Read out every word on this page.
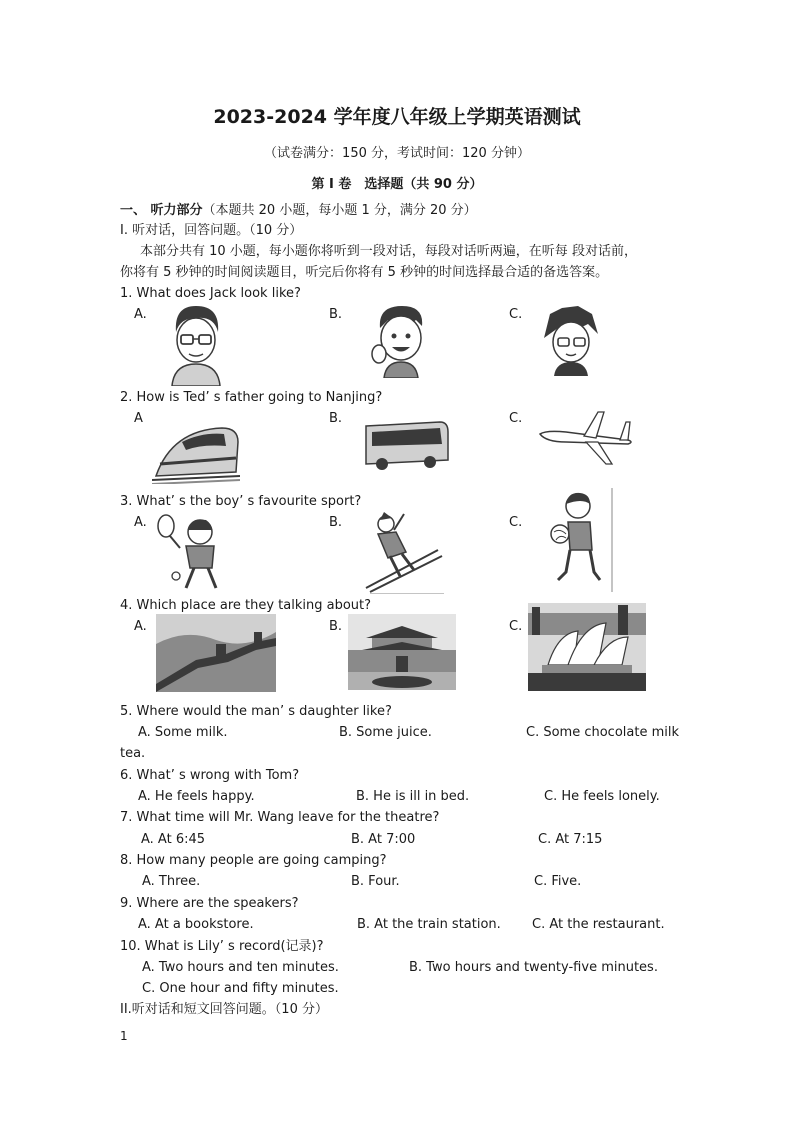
2023-2024 学年度八年级上学期英语测试
（试卷满分：150 分，考试时间：120 分钟）
第 I 卷　选择题（共 90 分）
一、 听力部分（本题共 20 小题，每小题 1 分，满分 20 分）
I. 听对话，回答问题。（10 分）
本部分共有 10 小题，每小题你将听到一段对话，每段对话听两遍，在听每 段对话前，
你将有 5 秒钟的时间阅读题目，听完后你将有 5 秒钟的时间选择最合适的备选答案。
1. What does Jack look like?
A.	B.	C.
2. How is Ted’ s father going to Nanjing?
A	B.	C.
3. What’ s the boy’ s favourite sport?
A.	B.	C.
4. Which place are they talking about?
A.	B.	C.
5. Where would the man’ s daughter like?
A. Some milk.	B. Some juice.	C. Some chocolate milk
tea.
6. What’ s wrong with Tom?
A. He feels happy.	B. He is ill in bed.	C. He feels lonely.
7. What time will Mr. Wang leave for the theatre?
A. At 6:45	B. At 7:00	C. At 7:15
8. How many people are going camping?
A. Three.	B. Four.	C. Five.
9. Where are the speakers?
A. At a bookstore.	B. At the train station. C. At the restaurant.
10. What is Lily’ s record(记录)?
A. Two hours and ten minutes.	B. Two hours and twenty-five minutes.
C. One hour and fifty minutes.
II.听对话和短文回答问题。（10 分）
1
